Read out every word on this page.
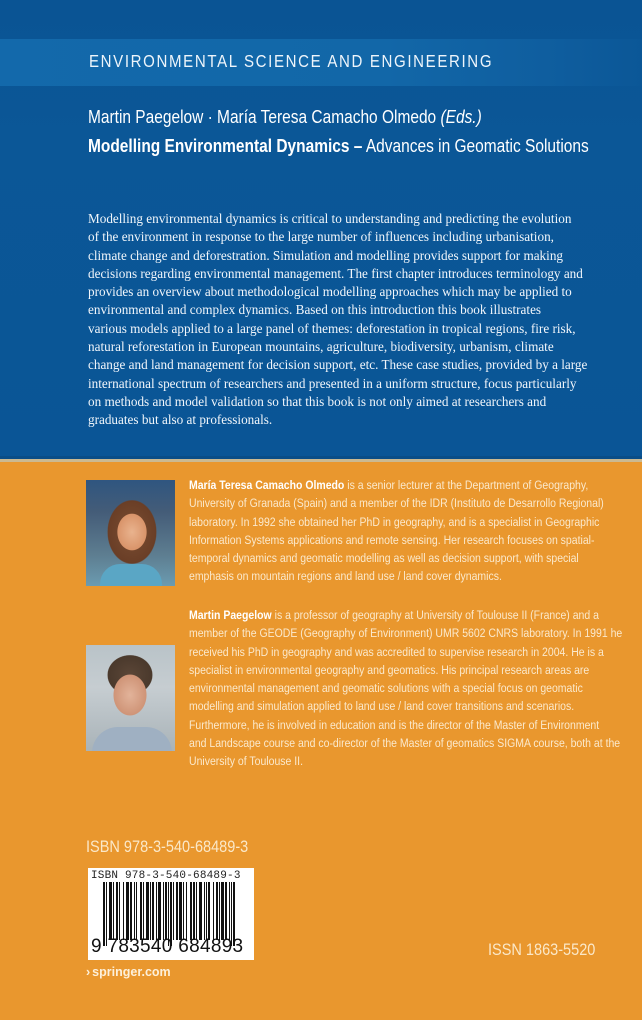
ENVIRONMENTAL SCIENCE AND ENGINEERING
Martin Paegelow · María Teresa Camacho Olmedo (Eds.)
Modelling Environmental Dynamics – Advances in Geomatic Solutions
Modelling environmental dynamics is critical to understanding and predicting the evolution
of the environment in response to the large number of influences including urbanisation,
climate change and deforestration. Simulation and modelling provides support for making
decisions regarding environmental management. The first chapter introduces terminology and
provides an overview about methodological modelling approaches which may be applied to
environmental and complex dynamics. Based on this introduction this book illustrates
various models applied to a large panel of themes: deforestation in tropical regions, fire risk,
natural reforestation in European mountains, agriculture, biodiversity, urbanism, climate
change and land management for decision support, etc. These case studies, provided by a large
international spectrum of researchers and presented in a uniform structure, focus particularly
on methods and model validation so that this book is not only aimed at researchers and
graduates but also at professionals.
María Teresa Camacho Olmedo is a senior lecturer at the Department of Geography,
University of Granada (Spain) and a member of the IDR (Instituto de Desarrollo Regional)
laboratory. In 1992 she obtained her PhD in geography, and is a specialist in Geographic
Information Systems applications and remote sensing. Her research focuses on spatial-
temporal dynamics and geomatic modelling as well as decision support, with special
emphasis on mountain regions and land use / land cover dynamics.
Martin Paegelow is a professor of geography at University of Toulouse II (France) and a
member of the GEODE (Geography of Environment) UMR 5602 CNRS laboratory. In 1991 he
received his PhD in geography and was accredited to supervise research in 2004. He is a
specialist in environmental geography and geomatics. His principal research areas are
environmental management and geomatic solutions with a special focus on geomatic
modelling and simulation applied to land use / land cover transitions and scenarios.
Furthermore, he is involved in education and is the director of the Master of Environment
and Landscape course and co-director of the Master of geomatics SIGMA course, both at the
University of Toulouse II.
ISBN 978-3-540-68489-3
ISBN 978-3-540-68489-3
9 783540 684893
› springer.com
ISSN 1863-5520
